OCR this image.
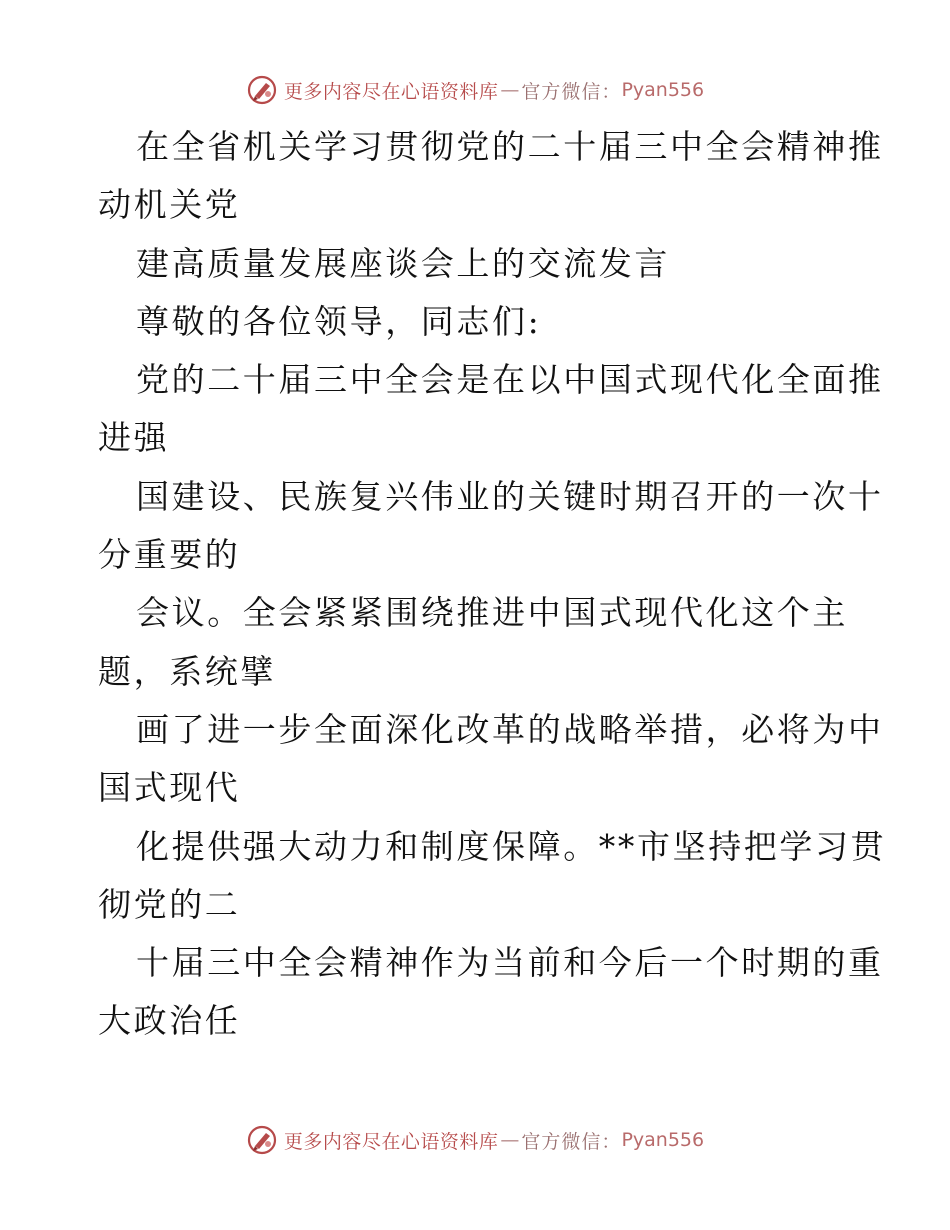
更多内容尽在心语资料库 — 官方微信： Pyan556
在全省机关学习贯彻党的二十届三中全会精神推
动机关党
建高质量发展座谈会上的交流发言
尊敬的各位领导，同志们:
党的二十届三中全会是在以中国式现代化全面推
进强
国建设、民族复兴伟业的关键时期召开的一次十
分重要的
会议。全会紧紧围绕推进中国式现代化这个主
题，系统擘
画了进一步全面深化改革的战略举措，必将为中
国式现代
化提供强大动力和制度保障。**市坚持把学习贯
彻党的二
十届三中全会精神作为当前和今后一个时期的重
大政治任
更多内容尽在心语资料库 — 官方微信： Pyan556
